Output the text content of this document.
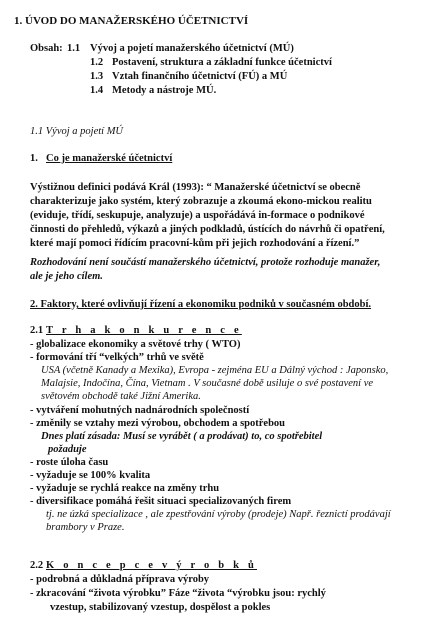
1. ÚVOD DO MANAŽERSKÉHO ÚČETNICTVÍ
Obsah: 1.1 Vývoj a pojetí manažerského účetnictví (MÚ)
1.2 Postavení, struktura a základní funkce účetnictví
1.3 Vztah finančního účetnictví (FÚ) a MÚ
1.4 Metody a nástroje MÚ.
1.1 Vývoj a pojetí MÚ
1. Co je manažerské účetnictví
Výstižnou definici podává Král (1993): “ Manažerské účetnictví se obecně
charakterizuje jako systém, který zobrazuje a zkoumá ekono-mickou realitu
(eviduje, třídí, seskupuje, analyzuje) a uspořádává in-formace o podnikové
činnosti do přehledů, výkazů a jiných podkladů, ústících do návrhů či opatření,
které mají pomoci řídícím pracovní-kům při jejich rozhodování a řízení.”
Rozhodování není součástí manažerského účetnictví, protože rozhoduje manažer,
ale je jeho cílem.
2. Faktory, které ovlivňují řízení a ekonomiku podniků v současném období.
2.1 T r h a k o n k u r e n c e
- globalizace ekonomiky a světové trhy ( WTO)
- formování tří “velkých” trhů ve světě
USA (včetně Kanady a Mexika), Evropa - zejména EU a Dálný východ : Japonsko,
Malajsie, Indočína, Čína, Vietnam . V současné době usiluje o své postavení ve
světovém obchodě také Jižní Amerika.
- vytváření mohutných nadnárodních společností
- změnily se vztahy mezi výrobou, obchodem a spotřebou
Dnes platí zásada: Musí se vyrábět ( a prodávat) to, co spotřebitel
požaduje
- roste úloha času
- vyžaduje se 100% kvalita
- vyžaduje se rychlá reakce na změny trhu
- diversifikace pomáhá řešit situaci specializovaných firem
tj. ne úzká specializace , ale zpestřování výroby (prodeje) Např. řeznictí prodávají
brambory v Praze.
2.2 K o n c e p c e v ý r o b k ů
- podrobná a důkladná příprava výroby
- zkracování “života výrobku” Fáze “života “výrobku jsou: rychlý
vzestup, stabilizovaný vzestup, dospělost a pokles
